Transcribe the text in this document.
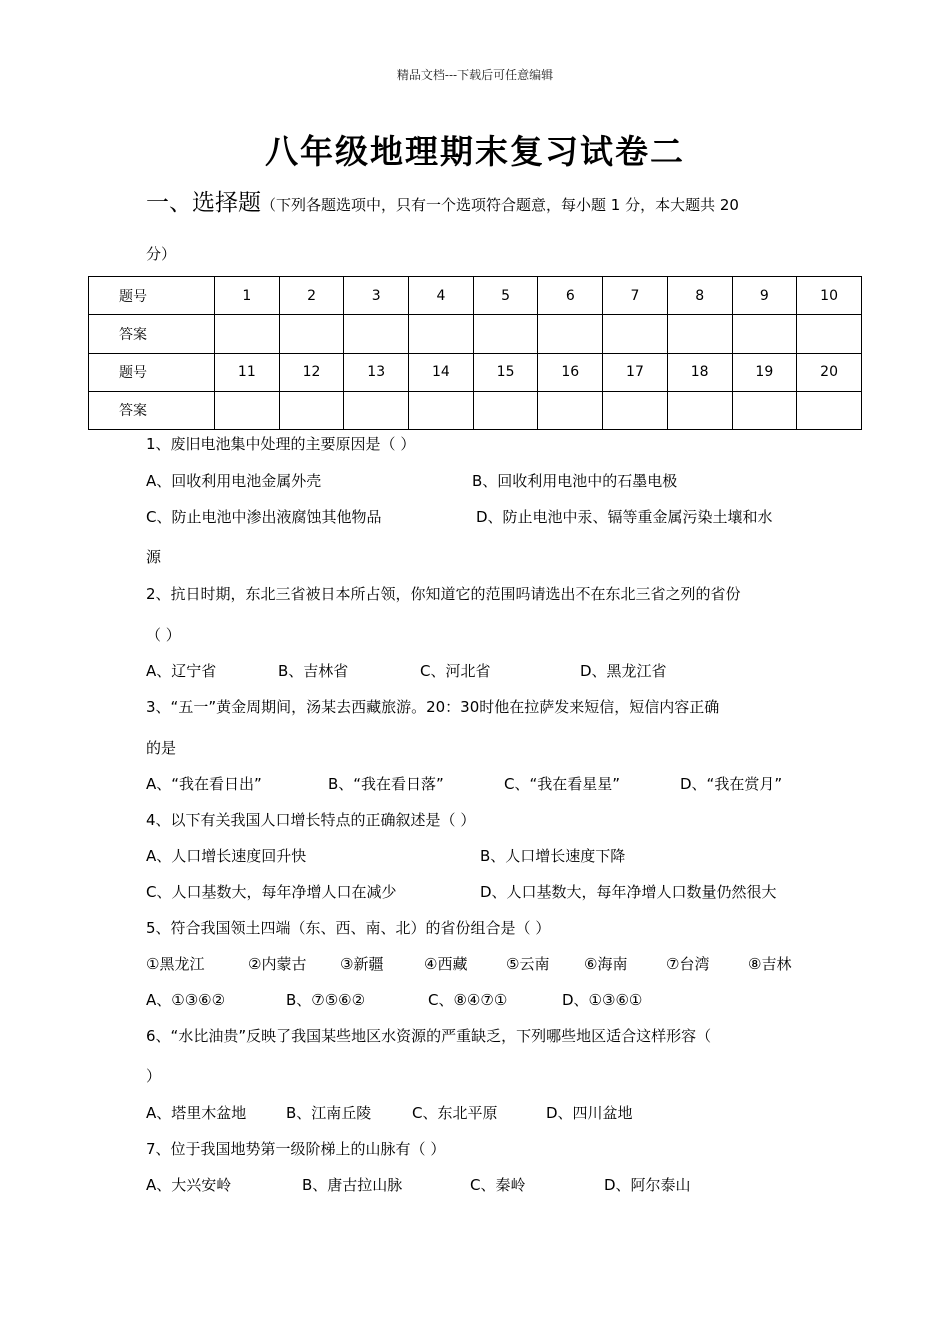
精品文档---下载后可任意编辑
八年级地理期末复习试卷二
一、选择题（下列各题选项中，只有一个选项符合题意，每小题 1 分，本大题共 20
分）
题号	1	2	3	4	5	6	7	8	9	10
答案										
题号	11	12	13	14	15	16	17	18	19	20
答案										
1、废旧电池集中处理的主要原因是（ ）
A、回收利用电池金属外壳	B、回收利用电池中的石墨电极
C、防止电池中渗出液腐蚀其他物品	D、防止电池中汞、镉等重金属污染土壤和水
源
2、抗日时期，东北三省被日本所占领，你知道它的范围吗请选出不在东北三省之列的省份
（ ）
A、辽宁省	B、吉林省	C、河北省	D、黑龙江省
3、“五一”黄金周期间，汤某去西藏旅游。20：30时他在拉萨发来短信，短信内容正确
的是
A、“我在看日出”	B、“我在看日落”	C、“我在看星星”	D、“我在赏月”
4、以下有关我国人口增长特点的正确叙述是（ ）
A、人口增长速度回升快	B、人口增长速度下降
C、人口基数大，每年净增人口在减少	D、人口基数大，每年净增人口数量仍然很大
5、符合我国领土四端（东、西、南、北）的省份组合是（ ）
①黑龙江	②内蒙古 ③新疆	④西藏	⑤云南 ⑥海南	⑦台湾	⑧吉林
A、①③⑥②	B、⑦⑤⑥②	C、⑧④⑦①	D、①③⑥①
6、“水比油贵”反映了我国某些地区水资源的严重缺乏，下列哪些地区适合这样形容（
）
A、塔里木盆地	B、江南丘陵	C、东北平原	D、四川盆地
7、位于我国地势第一级阶梯上的山脉有（ ）
A、大兴安岭	B、唐古拉山脉	C、秦岭	D、阿尔泰山
